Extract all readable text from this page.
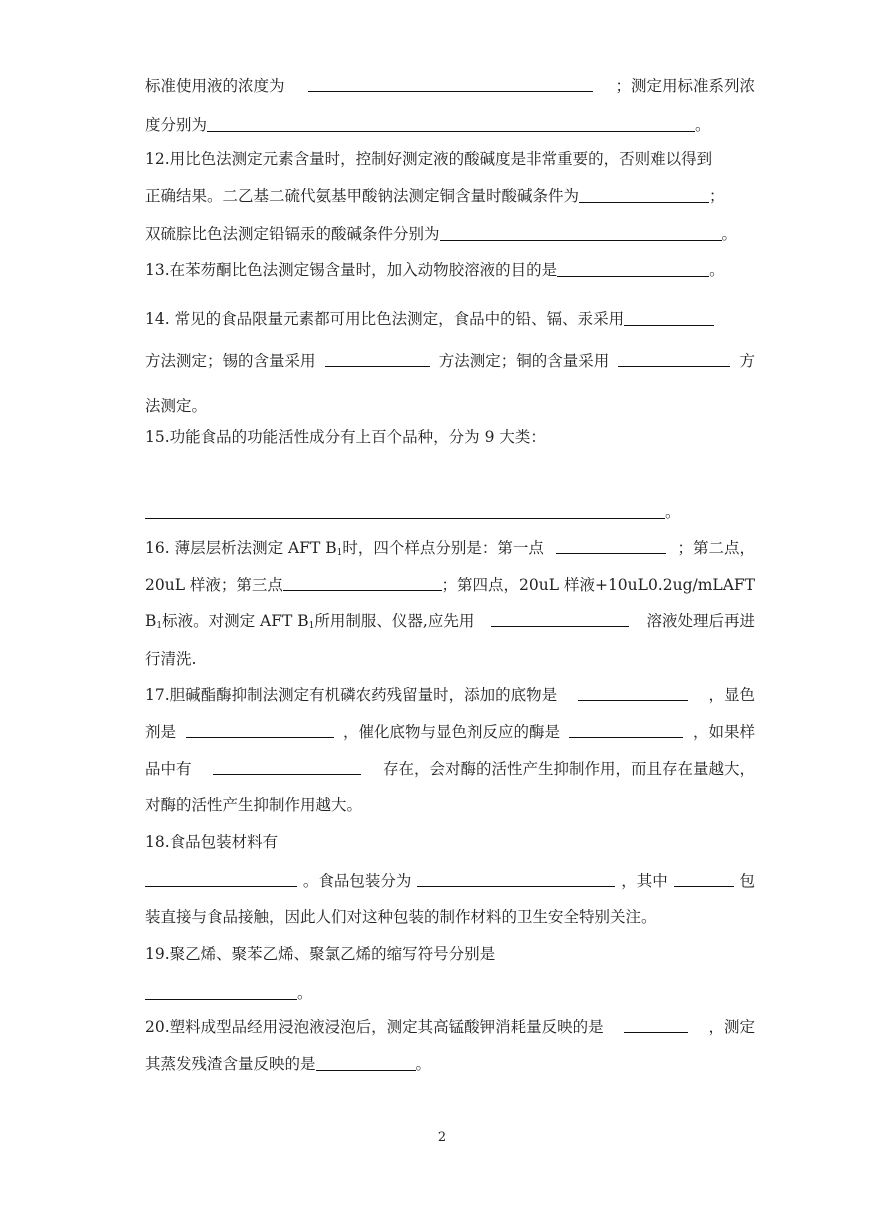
标准使用液的浓度为	；测定用标准系列浓
度分别为	。
12.用比色法测定元素含量时，控制好测定液的酸碱度是非常重要的，否则难以得到
正确结果。二乙基二硫代氨基甲酸钠法测定铜含量时酸碱条件为	；
双硫腙比色法测定铅镉汞的酸碱条件分别为	。
13.在苯芴酮比色法测定锡含量时，加入动物胶溶液的目的是	。
14. 常见的食品限量元素都可用比色法测定，食品中的铅、镉、汞采用
方法测定；锡的含量采用	方法测定；铜的含量采用	方
法测定。
15.功能食品的功能活性成分有上百个品种，分为 9 大类：
。
16. 薄层层析法测定 AFT $B_1$时，四个样点分别是：第一点	；第二点，
20uL 样液；第三点	；第四点，20uL 样液+10uL0.2ug/mLAFT
$B_1$标液。对测定 AFT $B_1$所用制服、仪器,应先用	溶液处理后再进
行清洗.
17.胆碱酯酶抑制法测定有机磷农药残留量时，添加的底物是	，显色
剂是	，催化底物与显色剂反应的酶是	，如果样
品中有	存在，会对酶的活性产生抑制作用，而且存在量越大，
对酶的活性产生抑制作用越大。
18.食品包装材料有
。食品包装分为	，其中	包
装直接与食品接触，因此人们对这种包装的制作材料的卫生安全特别关注。
19.聚乙烯、聚苯乙烯、聚氯乙烯的缩写符号分别是
。
20.塑料成型品经用浸泡液浸泡后，测定其高锰酸钾消耗量反映的是	，测定
其蒸发残渣含量反映的是	。
2
